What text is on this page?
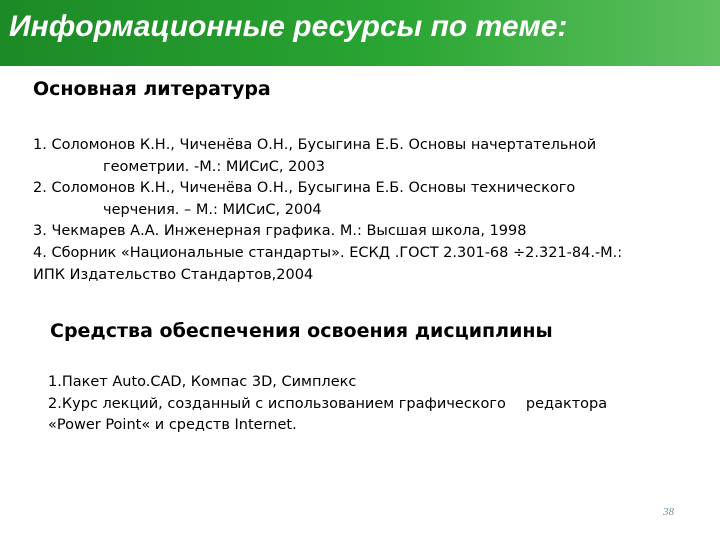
Информационные ресурсы по теме:
Основная литература
1. Соломонов К.Н., Чиченёва О.Н., Бусыгина Е.Б. Основы начертательной
геометрии. -М.: МИСиС, 2003
2. Соломонов К.Н., Чиченёва О.Н., Бусыгина Е.Б. Основы технического
черчения. – М.: МИСиС, 2004
3. Чекмарев А.А. Инженерная графика. М.: Высшая школа, 1998
4. Сборник «Национальные стандарты». ЕСКД .ГОСТ 2.301-68 ÷2.321-84.-М.:
ИПК Издательство Стандартов,2004
Средства обеспечения освоения дисциплины
1.Пакет Auto.CAD, Компас 3D, Симплекс
2.Курс лекций, созданный с использованием графического редактора
«Power Point« и средств Internet.
38
